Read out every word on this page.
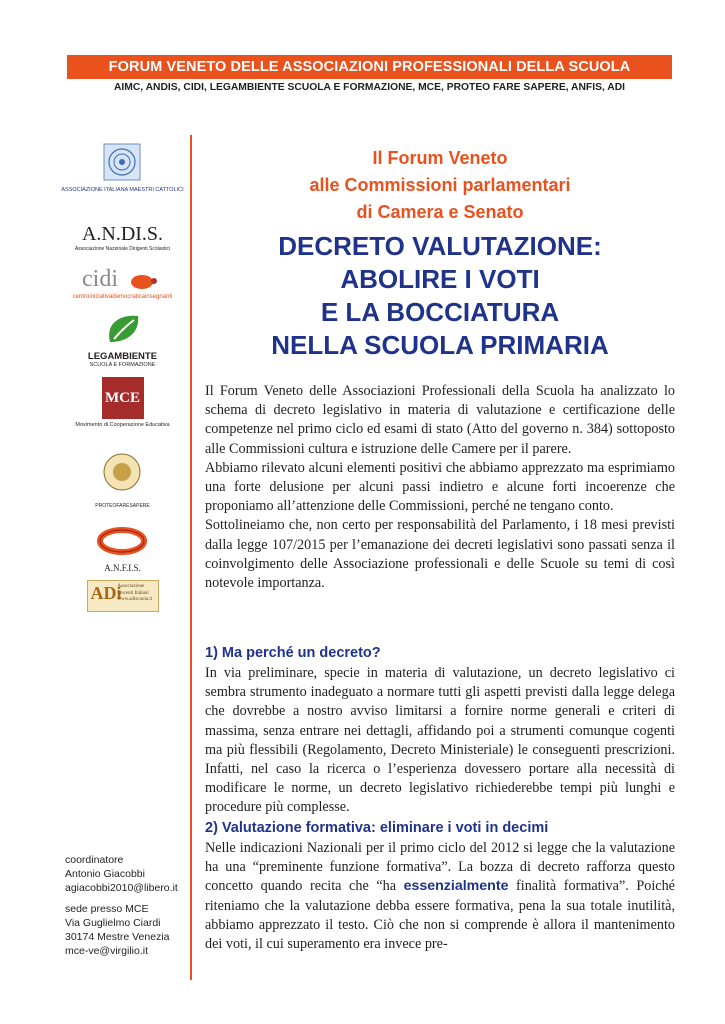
FORUM VENETO DELLE ASSOCIAZIONI PROFESSIONALI DELLA SCUOLA
AIMC, ANDIS, CIDI, LEGAMBIENTE SCUOLA E FORMAZIONE, MCE, PROTEO FARE SAPERE, ANFIS, ADI
ASSOCIAZIONE ITALIANA MAESTRI CATTOLICI
A.N.DI.S.
Associazione Nazionale Dirigenti Scolastici
cidi
centroiniziativademocraticainsegnanti
LEGAMBIENTE
SCUOLA E FORMAZIONE
MCE
Movimento di Cooperazione Educativa
PROTEOFARESAPERE
A.N.F.I.S.
ADi
Associazione
Docenti Italiani
www.adiscuola.it
coordinatore
Antonio Giacobbi
agiacobbi2010@libero.it
sede presso MCE
Via Guglielmo Ciardi
30174 Mestre Venezia
mce-ve@virgilio.it
Il Forum Veneto
alle Commissioni parlamentari
di Camera e Senato
DECRETO VALUTAZIONE:
ABOLIRE I VOTI
E LA BOCCIATURA
NELLA SCUOLA PRIMARIA

Il Forum Veneto delle Associazioni Professionali della Scuola ha analizzato lo schema di decreto legislativo in materia di valutazione e certificazione delle competenze nel primo ciclo ed esami di stato (Atto del governo n. 384) sottoposto alle Commissioni cultura e istruzione delle Camere per il parere.

Abbiamo rilevato alcuni elementi positivi che abbiamo apprezzato ma esprimiamo una forte delusione per alcuni passi indietro e alcune forti incoerenze che proponiamo all’attenzione delle Commissioni, perché ne tengano conto.

Sottolineiamo che, non certo per responsabilità del Parlamento, i 18 mesi previsti dalla legge 107/2015 per l’emanazione dei decreti legislativi sono passati senza il coinvolgimento delle Associazione professionali e delle Scuole su temi di così notevole importanza.

1) Ma perché un decreto?

In via preliminare, specie in materia di valutazione, un decreto legislativo ci sembra strumento inadeguato a normare tutti gli aspetti previsti dalla legge delega che dovrebbe a nostro avviso limitarsi a fornire norme generali e criteri di massima, senza entrare nei dettagli, affidando poi a strumenti comunque cogenti ma più flessibili (Regolamento, Decreto Ministeriale) le conseguenti prescrizioni. Infatti, nel caso la ricerca o l’esperienza dovessero portare alla necessità di modificare le norme, un decreto legislativo richiederebbe tempi più lunghi e procedure più complesse.

2) Valutazione formativa: eliminare i voti in decimi

Nelle indicazioni Nazionali per il primo ciclo del 2012 si legge che la valutazione ha una “preminente funzione formativa”. La bozza di decreto rafforza questo concetto quando recita che “ha essenzialmente finalità formativa”. Poiché riteniamo che la valutazione debba essere formativa, pena la sua totale inutilità, abbiamo apprezzato il testo. Ciò che non si comprende è allora il mantenimento dei voti, il cui superamento era invece pre-
